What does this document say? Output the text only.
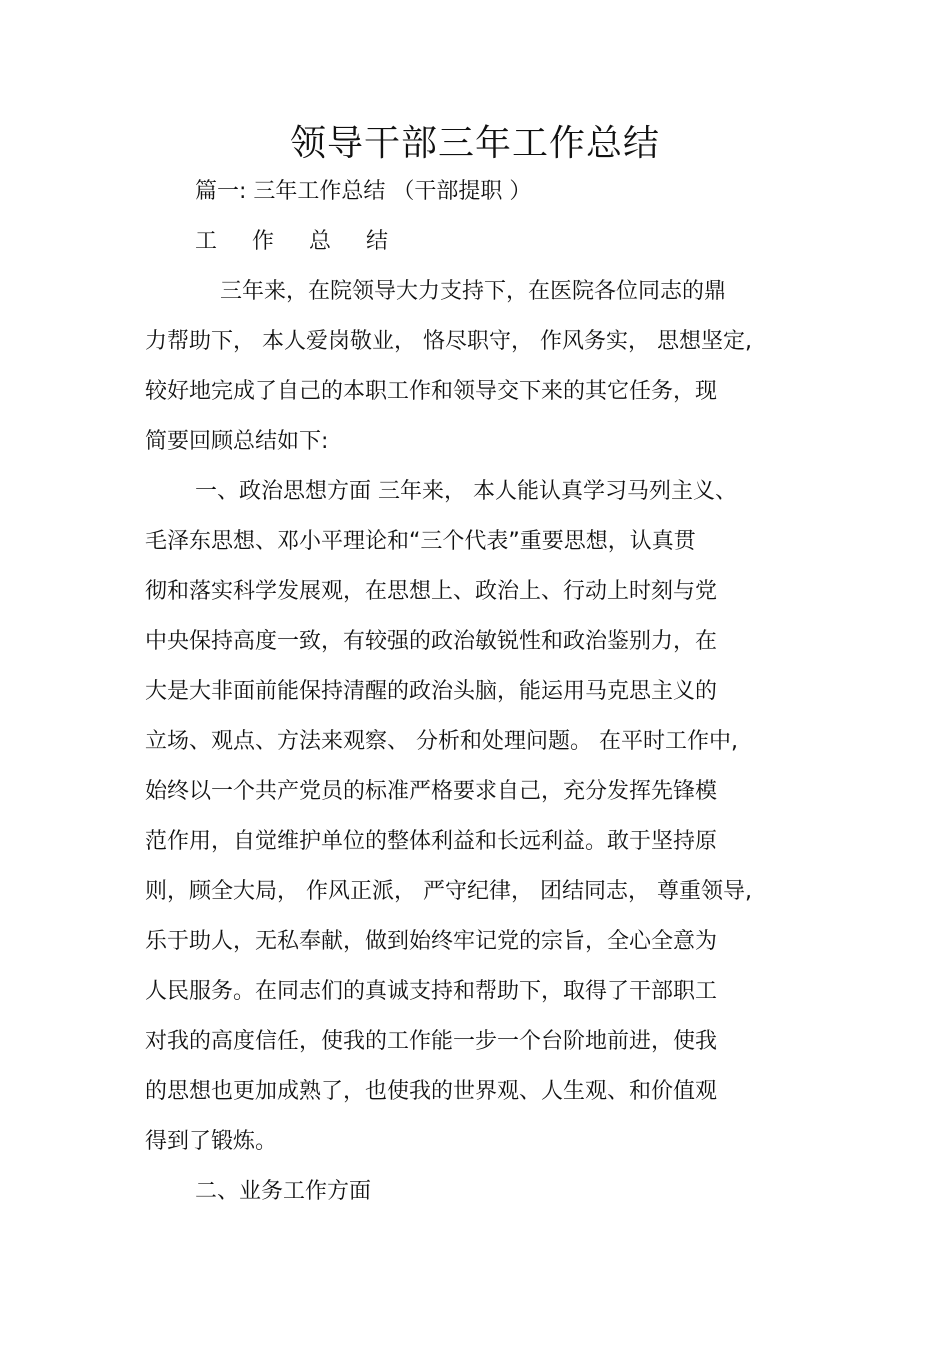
领导干部三年工作总结

篇一: 三年工作总结 （干部提职 ）

工 作 总 结

三年来，在院领导大力支持下，在医院各位同志的鼎

力帮助下， 本人爱岗敬业， 恪尽职守， 作风务实， 思想坚定,

较好地完成了自己的本职工作和领导交下来的其它任务，现

简要回顾总结如下:

一、政治思想方面 三年来， 本人能认真学习马列主义、

毛泽东思想、邓小平理论和“三个代表”重要思想，认真贯

彻和落实科学发展观，在思想上、政治上、行动上时刻与党

中央保持高度一致，有较强的政治敏锐性和政治鉴别力，在

大是大非面前能保持清醒的政治头脑，能运用马克思主义的

立场、观点、方法来观察、 分析和处理问题。 在平时工作中,

始终以一个共产党员的标准严格要求自己，充分发挥先锋模

范作用，自觉维护单位的整体利益和长远利益。敢于坚持原

则，顾全大局， 作风正派， 严守纪律， 团结同志， 尊重领导,

乐于助人，无私奉献，做到始终牢记党的宗旨，全心全意为

人民服务。在同志们的真诚支持和帮助下，取得了干部职工

对我的高度信任，使我的工作能一步一个台阶地前进，使我

的思想也更加成熟了，也使我的世界观、人生观、和价值观

得到了锻炼。

二、业务工作方面
